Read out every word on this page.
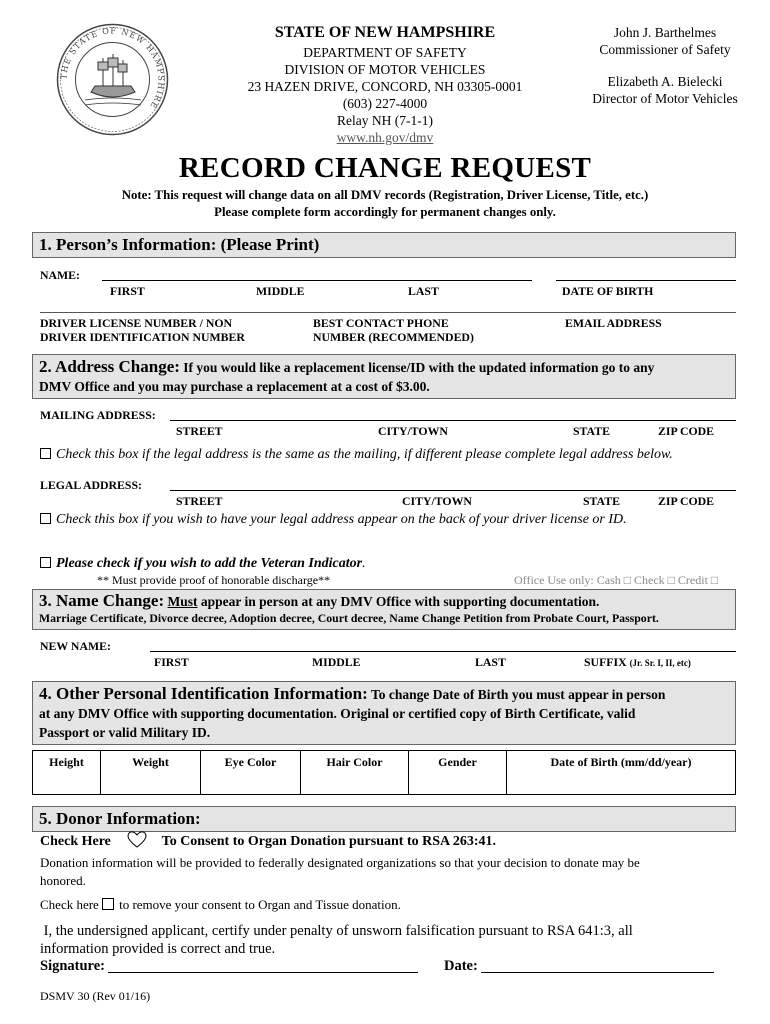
THE STATE OF NEW HAMPSHIRE
STATE OF NEW HAMPSHIRE
DEPARTMENT OF SAFETY
DIVISION OF MOTOR VEHICLES
23 HAZEN DRIVE, CONCORD, NH 03305-0001
(603) 227-4000
Relay NH (7-1-1)
www.nh.gov/dmv
John J. Barthelmes
Commissioner of Safety
Elizabeth A. Bielecki
Director of Motor Vehicles
RECORD CHANGE REQUEST
Note: This request will change data on all DMV records (Registration, Driver License, Title, etc.)
Please complete form accordingly for permanent changes only.
1. Person’s Information: (Please Print)
NAME:
FIRST	MIDDLE	LAST	DATE OF BIRTH
DRIVER LICENSE NUMBER / NON
DRIVER IDENTIFICATION NUMBER
BEST CONTACT PHONE
NUMBER (RECOMMENDED)
EMAIL ADDRESS
2. Address Change: If you would like a replacement license/ID with the updated information go to any
DMV Office and you may purchase a replacement at a cost of $3.00.
MAILING ADDRESS:
STREET	CITY/TOWN	STATE	ZIP CODE
Check this box if the legal address is the same as the mailing, if different please complete legal address below.
LEGAL ADDRESS:
STREET	CITY/TOWN	STATE	ZIP CODE
Check this box if you wish to have your legal address appear on the back of your driver license or ID.
Please check if you wish to add the Veteran Indicator.
** Must provide proof of honorable discharge**	Office Use only: Cash □ Check □ Credit □
3. Name Change: Must appear in person at any DMV Office with supporting documentation.
Marriage Certificate, Divorce decree, Adoption decree, Court decree, Name Change Petition from Probate Court, Passport.
NEW NAME:
FIRST	MIDDLE	LAST	SUFFIX (Jr. Sr. I, II, etc)
4. Other Personal Identification Information: To change Date of Birth you must appear in person
at any DMV Office with supporting documentation. Original or certified copy of Birth Certificate, valid
Passport or valid Military ID.
Height	Weight	Eye Color	Hair Color	Gender	Date of Birth (mm/dd/year)
5. Donor Information:
Check Here	To Consent to Organ Donation pursuant to RSA 263:41.
Donation information will be provided to federally designated organizations so that your decision to donate may be
honored.
Check here to remove your consent to Organ and Tissue donation.
I, the undersigned applicant, certify under penalty of unsworn falsification pursuant to RSA 641:3, all
information provided is correct and true.
Signature:	Date:
DSMV 30 (Rev 01/16)
